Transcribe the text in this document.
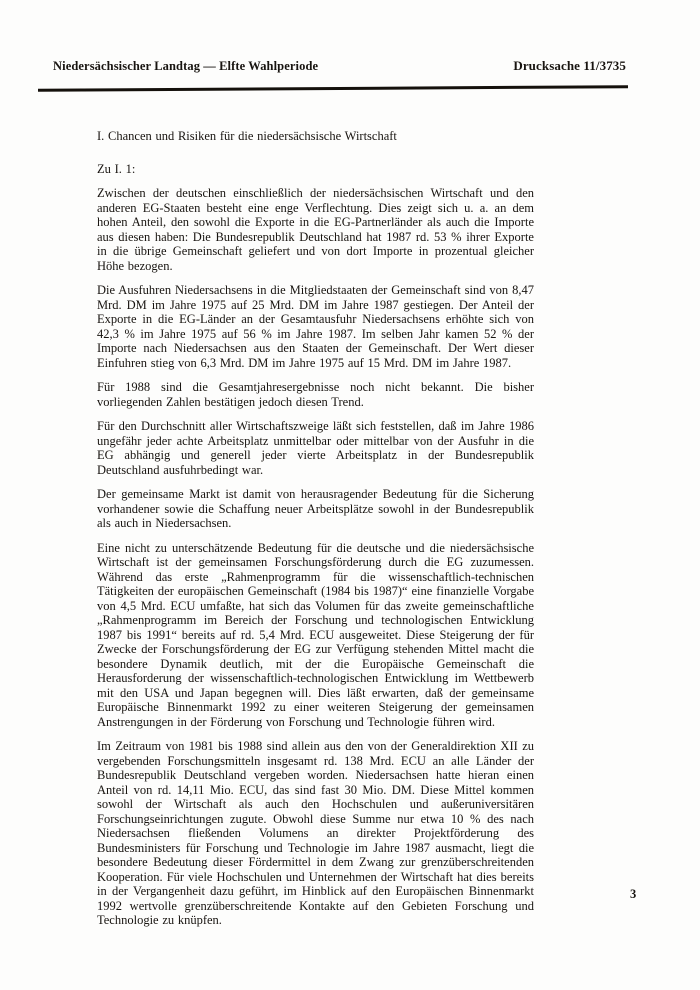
Niedersächsischer Landtag — Elfte Wahlperiode	Drucksache 11/3735
I. Chancen und Risiken für die niedersächsische Wirtschaft

Zu I. 1:

Zwischen der deutschen einschließlich der niedersächsischen Wirtschaft und den anderen EG-Staaten besteht eine enge Verflechtung. Dies zeigt sich u. a. an dem hohen Anteil, den sowohl die Exporte in die EG-Partnerländer als auch die Importe aus diesen haben: Die Bundesrepublik Deutschland hat 1987 rd. 53 % ihrer Exporte in die übrige Gemeinschaft geliefert und von dort Importe in prozentual gleicher Höhe bezogen.

Die Ausfuhren Niedersachsens in die Mitgliedstaaten der Gemeinschaft sind von 8,47 Mrd. DM im Jahre 1975 auf 25 Mrd. DM im Jahre 1987 gestiegen. Der Anteil der Exporte in die EG-Länder an der Gesamtausfuhr Niedersachsens erhöhte sich von 42,3 % im Jahre 1975 auf 56 % im Jahre 1987. Im selben Jahr kamen 52 % der Importe nach Niedersachsen aus den Staaten der Gemeinschaft. Der Wert dieser Einfuhren stieg von 6,3 Mrd. DM im Jahre 1975 auf 15 Mrd. DM im Jahre 1987.

Für 1988 sind die Gesamtjahresergebnisse noch nicht bekannt. Die bisher vorliegenden Zahlen bestätigen jedoch diesen Trend.

Für den Durchschnitt aller Wirtschaftszweige läßt sich feststellen, daß im Jahre 1986 ungefähr jeder achte Arbeitsplatz unmittelbar oder mittelbar von der Ausfuhr in die EG abhängig und generell jeder vierte Arbeitsplatz in der Bundesrepublik Deutschland ausfuhrbedingt war.

Der gemeinsame Markt ist damit von herausragender Bedeutung für die Sicherung vorhandener sowie die Schaffung neuer Arbeitsplätze sowohl in der Bundesrepublik als auch in Niedersachsen.

Eine nicht zu unterschätzende Bedeutung für die deutsche und die niedersächsische Wirtschaft ist der gemeinsamen Forschungsförderung durch die EG zuzumessen. Während das erste „Rahmenprogramm für die wissenschaftlich-technischen Tätigkeiten der europäischen Gemeinschaft (1984 bis 1987)“ eine finanzielle Vorgabe von 4,5 Mrd. ECU umfaßte, hat sich das Volumen für das zweite gemeinschaftliche „Rahmenprogramm im Bereich der Forschung und technologischen Entwicklung 1987 bis 1991“ bereits auf rd. 5,4 Mrd. ECU ausgeweitet. Diese Steigerung der für Zwecke der Forschungsförderung der EG zur Verfügung stehenden Mittel macht die besondere Dynamik deutlich, mit der die Europäische Gemeinschaft die Herausforderung der wissenschaftlich-technologischen Entwicklung im Wettbewerb mit den USA und Japan begegnen will. Dies läßt erwarten, daß der gemeinsame Europäische Binnenmarkt 1992 zu einer weiteren Steigerung der gemeinsamen Anstrengungen in der Förderung von Forschung und Technologie führen wird.

Im Zeitraum von 1981 bis 1988 sind allein aus den von der Generaldirektion XII zu vergebenden Forschungsmitteln insgesamt rd. 138 Mrd. ECU an alle Länder der Bundesrepublik Deutschland vergeben worden. Niedersachsen hatte hieran einen Anteil von rd. 14,11 Mio. ECU, das sind fast 30 Mio. DM. Diese Mittel kommen sowohl der Wirtschaft als auch den Hochschulen und außeruniversitären Forschungseinrichtungen zugute. Obwohl diese Summe nur etwa 10 % des nach Niedersachsen fließenden Volumens an direkter Projektförderung des Bundesministers für Forschung und Technologie im Jahre 1987 ausmacht, liegt die besondere Bedeutung dieser Fördermittel in dem Zwang zur grenzüberschreitenden Kooperation. Für viele Hochschulen und Unternehmen der Wirtschaft hat dies bereits in der Vergangenheit dazu geführt, im Hinblick auf den Europäischen Binnenmarkt 1992 wertvolle grenzüberschreitende Kontakte auf den Gebieten Forschung und Technologie zu knüpfen.

3
